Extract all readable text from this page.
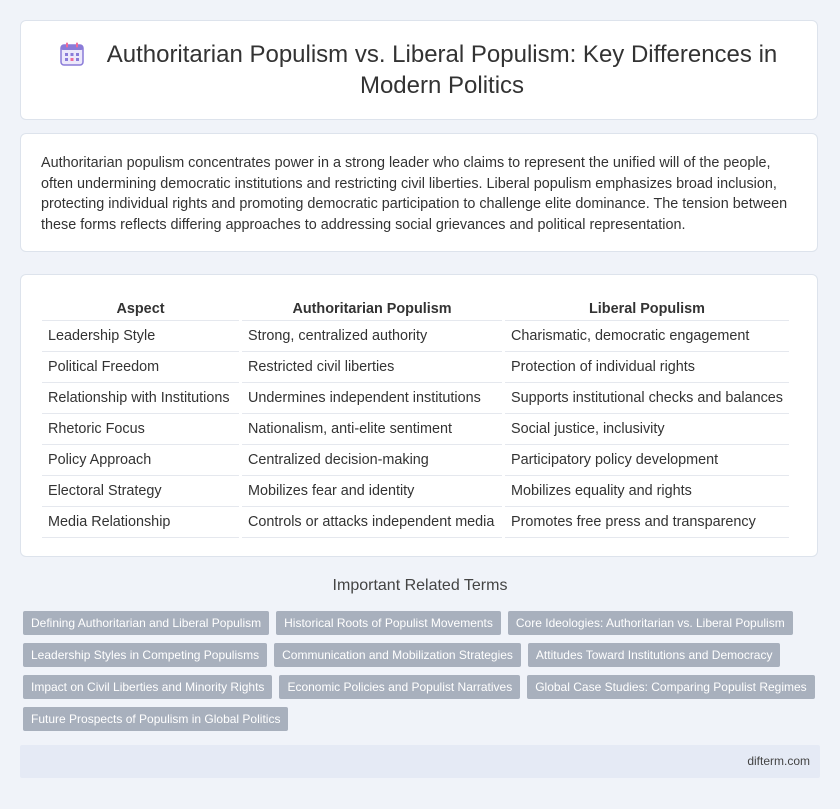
Authoritarian Populism vs. Liberal Populism: Key Differences in Modern Politics

Authoritarian populism concentrates power in a strong leader who claims to represent the unified will of the people, often undermining democratic institutions and restricting civil liberties. Liberal populism emphasizes broad inclusion, protecting individual rights and promoting democratic participation to challenge elite dominance. The tension between these forms reflects differing approaches to addressing social grievances and political representation.

Aspect	Authoritarian Populism	Liberal Populism
Leadership Style	Strong, centralized authority	Charismatic, democratic engagement
Political Freedom	Restricted civil liberties	Protection of individual rights
Relationship with Institutions	Undermines independent institutions	Supports institutional checks and balances
Rhetoric Focus	Nationalism, anti-elite sentiment	Social justice, inclusivity
Policy Approach	Centralized decision-making	Participatory policy development
Electoral Strategy	Mobilizes fear and identity	Mobilizes equality and rights
Media Relationship	Controls or attacks independent media	Promotes free press and transparency
Important Related Terms
Defining Authoritarian and Liberal Populism Historical Roots of Populist Movements Core Ideologies: Authoritarian vs. Liberal Populism
Leadership Styles in Competing Populisms Communication and Mobilization Strategies Attitudes Toward Institutions and Democracy
Impact on Civil Liberties and Minority Rights Economic Policies and Populist Narratives Global Case Studies: Comparing Populist Regimes
Future Prospects of Populism in Global Politics
difterm.com
